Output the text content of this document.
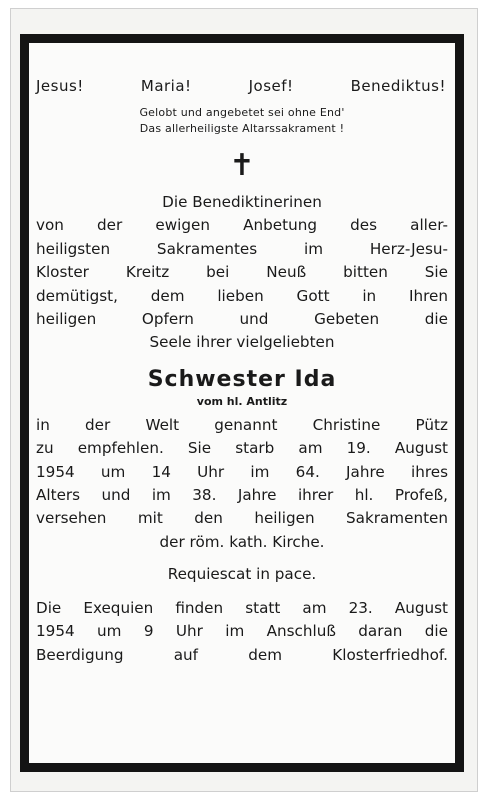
Jesus!	Maria!	Josef!	Benediktus!
Gelobt und angebetet sei ohne End'
Das allerheiligste Altarssakrament !
✝
Die Benediktinerinen
von der ewigen Anbetung des aller-
heiligsten Sakramentes im Herz-Jesu-
Kloster Kreitz bei Neuß bitten Sie
demütigst, dem lieben Gott in Ihren
heiligen Opfern und Gebeten die
Seele ihrer vielgeliebten
Schwester Ida
vom hl. Antlitz
in der Welt genannt Christine Pütz
zu empfehlen. Sie starb am 19. August
1954 um 14 Uhr im 64. Jahre ihres
Alters und im 38. Jahre ihrer hl. Profeß,
versehen mit den heiligen Sakramenten
der röm. kath. Kirche.
Requiescat in pace.
Die Exequien finden statt am 23. August
1954 um 9 Uhr im Anschluß daran die
Beerdigung auf dem Klosterfriedhof.
